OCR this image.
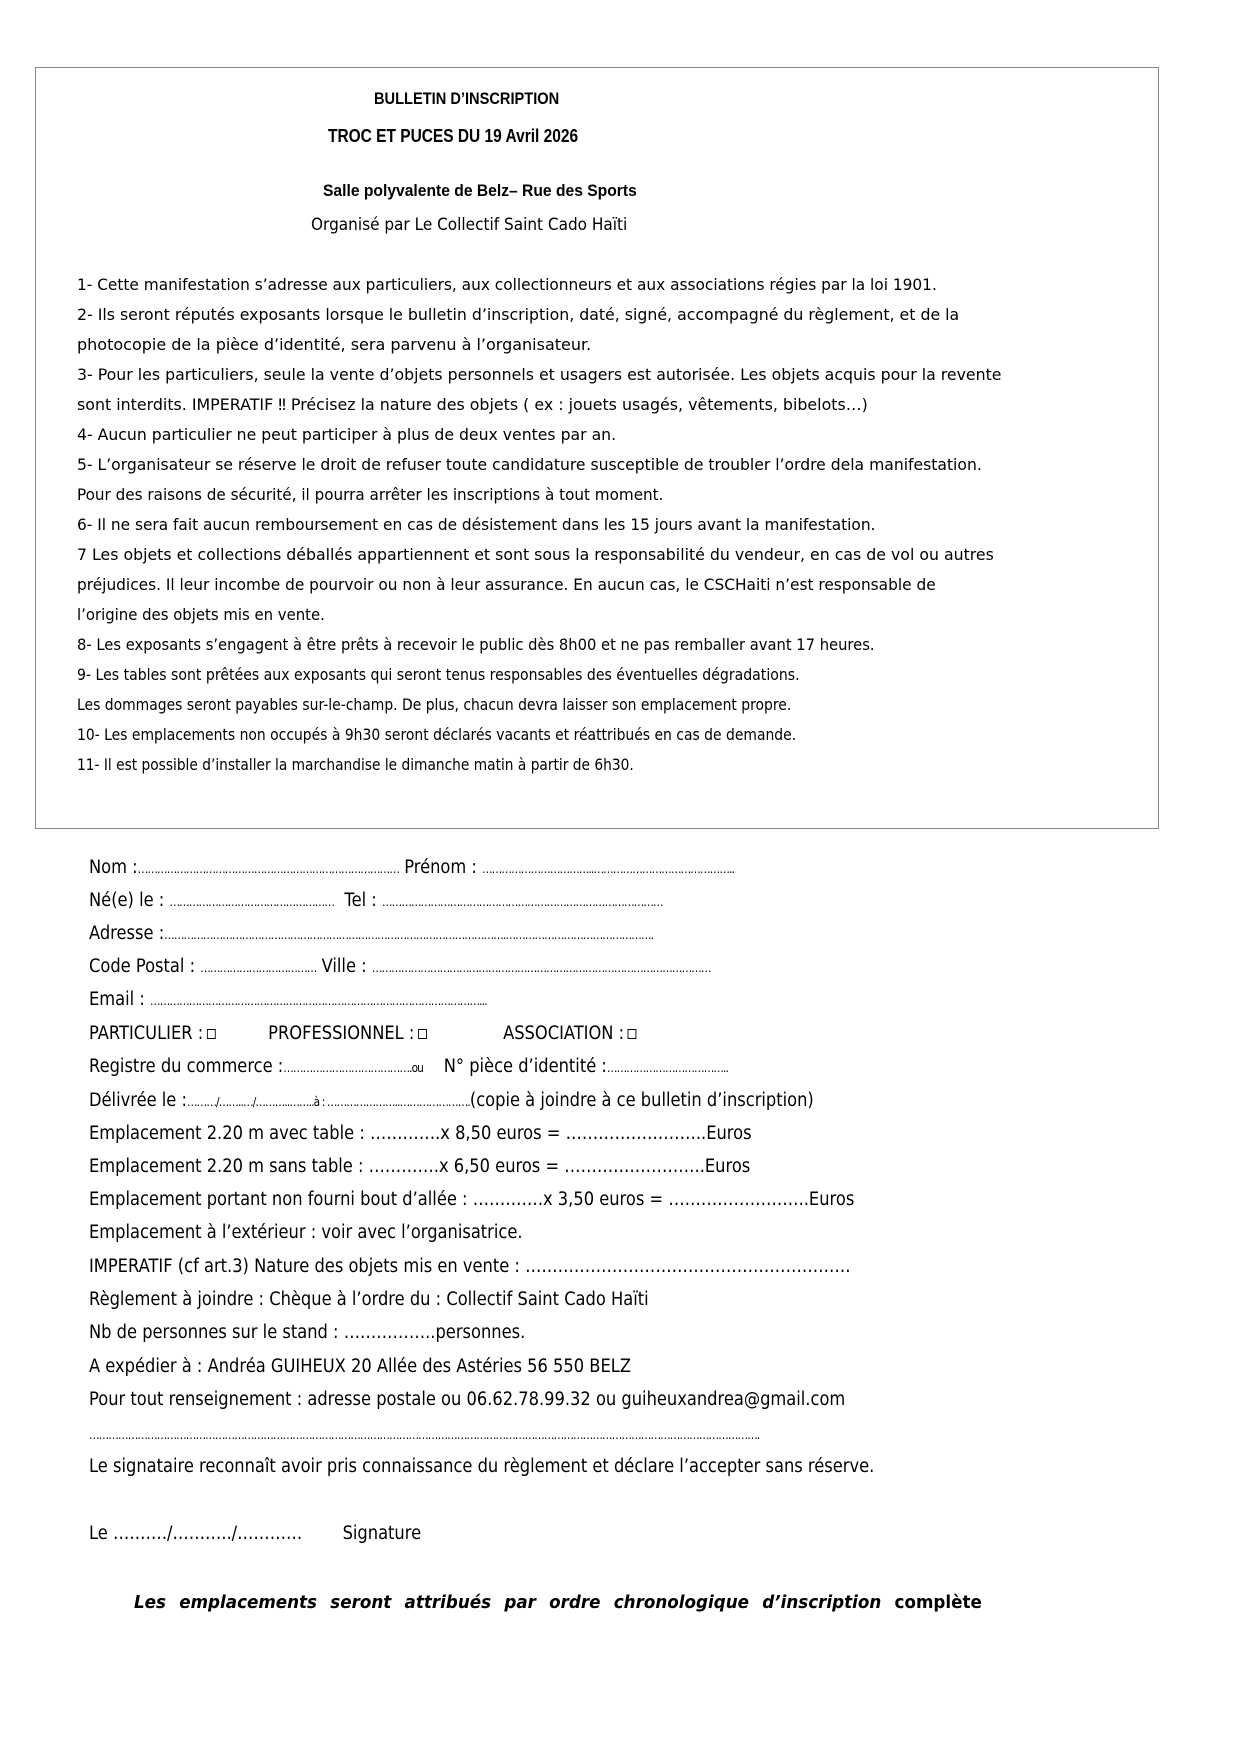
BULLETIN D’INSCRIPTION
TROC ET PUCES DU 19 Avril 2026
Salle polyvalente de Belz– Rue des Sports
Organisé par Le Collectif Saint Cado Haïti
1- Cette manifestation s’adresse aux particuliers, aux collectionneurs et aux associations régies par la loi 1901.
2- Ils seront réputés exposants lorsque le bulletin d’inscription, daté, signé, accompagné du règlement, et de la
photocopie de la pièce d’identité, sera parvenu à l’organisateur.
3- Pour les particuliers, seule la vente d’objets personnels et usagers est autorisée. Les objets acquis pour la revente
sont interdits. IMPERATIF ‼ Précisez la nature des objets ( ex : jouets usagés, vêtements, bibelots…)
4- Aucun particulier ne peut participer à plus de deux ventes par an.
5- L’organisateur se réserve le droit de refuser toute candidature susceptible de troubler l’ordre dela manifestation.
Pour des raisons de sécurité, il pourra arrêter les inscriptions à tout moment.
6- Il ne sera fait aucun remboursement en cas de désistement dans les 15 jours avant la manifestation.
7 Les objets et collections déballés appartiennent et sont sous la responsabilité du vendeur, en cas de vol ou autres
préjudices. Il leur incombe de pourvoir ou non à leur assurance. En aucun cas, le CSCHaiti n’est responsable de
l’origine des objets mis en vente.
8- Les exposants s’engagent à être prêts à recevoir le public dès 8h00 et ne pas remballer avant 17 heures.
9- Les tables sont prêtées aux exposants qui seront tenus responsables des éventuelles dégradations.
Les dommages seront payables sur-le-champ. De plus, chacun devra laisser son emplacement propre.
10- Les emplacements non occupés à 9h30 seront déclarés vacants et réattribués en cas de demande.
11- Il est possible d’installer la marchandise le dimanche matin à partir de 6h30.
Nom :……………………………………………………………………… Prénom : ……………………………..……………………………………..
Né(e) le : …………………………………………… Tel : ……………………………………………………………………………
Adresse :…………………………………………………………………………………………….……………………………………….
Code Postal : ……………………………… Ville : ……………………………………………………………………………………………
Email : …………………………………………………………………………………………...
PARTICULIER :	PROFESSIONNEL :	ASSOCIATION :
Registre du commerce :………………………………….ou N° pièce d’identité :………………………………..
Délivrée le :………/……..…/………..……..à : …………………..………………….(copie à joindre à ce bulletin d’inscription)
Emplacement 2.20 m avec table : ………….x 8,50 euros = ……………………..Euros
Emplacement 2.20 m sans table : ………….x 6,50 euros = ……………………..Euros
Emplacement portant non fourni bout d’allée : ………….x 3,50 euros = ……………………..Euros
Emplacement à l’extérieur : voir avec l’organisatrice.
IMPERATIF (cf art.3) Nature des objets mis en vente : ……………………………………………………
Règlement à joindre : Chèque à l’ordre du : Collectif Saint Cado Haïti
Nb de personnes sur le stand : ……………..personnes.
A expédier à : Andréa GUIHEUX 20 Allée des Astéries 56 550 BELZ
Pour tout renseignement : adresse postale ou 06.62.78.99.32 ou guiheuxandrea@gmail.com
……………………………………………………………………………………………………………………………………………………………………………………….
Le signataire reconnaît avoir pris connaissance du règlement et déclare l’accepter sans réserve.
Le ………./………../………… Signature
Les emplacements seront attribués par ordre chronologique d’inscription complète
